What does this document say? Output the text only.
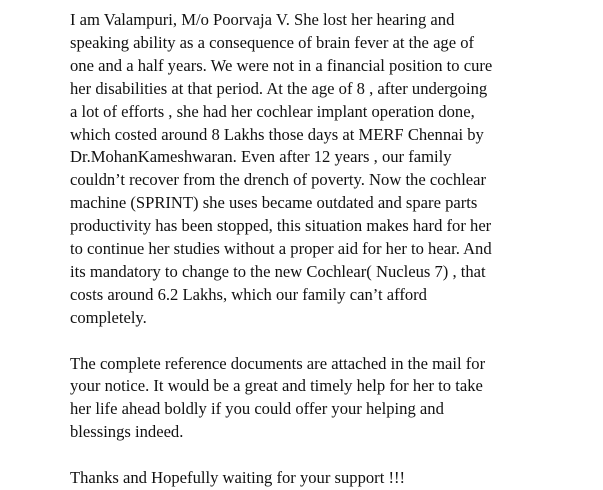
I am Valampuri, M/o Poorvaja V. She lost her hearing and
speaking ability as a consequence of brain fever at the age of
one and a half years. We were not in a financial position to cure
her disabilities at that period. At the age of 8 , after undergoing
a lot of efforts , she had her cochlear implant operation done,
which costed around 8 Lakhs those days at MERF Chennai by
Dr.MohanKameshwaran. Even after 12 years , our family
couldn’t recover from the drench of poverty. Now the cochlear
machine (SPRINT) she uses became outdated and spare parts
productivity has been stopped, this situation makes hard for her
to continue her studies without a proper aid for her to hear. And
its mandatory to change to the new Cochlear( Nucleus 7) , that
costs around 6.2 Lakhs, which our family can’t afford
completely.

The complete reference documents are attached in the mail for
your notice. It would be a great and timely help for her to take
her life ahead boldly if you could offer your helping and
blessings indeed.

Thanks and Hopefully waiting for your support !!!
